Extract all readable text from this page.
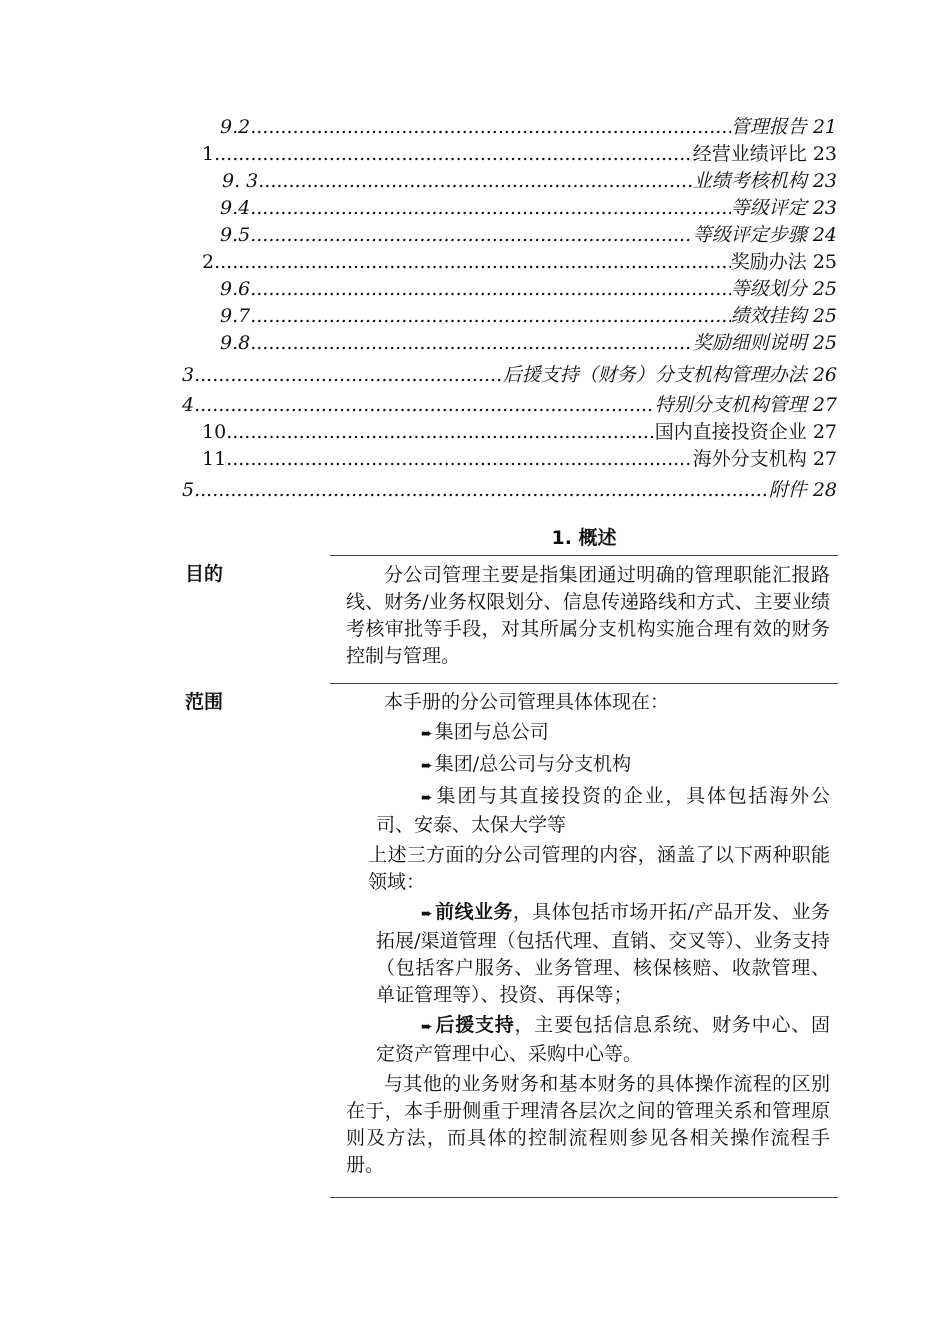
9.2 .....	管理报告 21
1 .....	经营业绩评比 23
9. 3 .....	业绩考核机构 23
9.4 .....	等级评定 23
9.5 .....	等级评定步骤 24
2 .....	奖励办法 25
9.6 .....	等级划分 25
9.7 .....	绩效挂钩 25
9.8 .....	奖励细则说明 25
3 .....	后援支持（财务）分支机构管理办法 26
4 .....	特别分支机构管理 27
10 .....	国内直接投资企业 27
11 .....	海外分支机构 27
5 .....	附件 28
1. 概述
目的	分公司管理主要是指集团通过明确的管理职能汇报路线、财务/业务权限划分、信息传递路线和方式、主要业绩考核审批等手段，对其所属分支机构实施合理有效的财务控制与管理。

范围	本手册的分公司管理具体体现在：

➨ 集团与总公司

➨ 集团/总公司与分支机构

➨ 集团与其直接投资的企业，具体包括海外公司、安泰、太保大学等

上述三方面的分公司管理的内容，涵盖了以下两种职能领域：

➨ 前线业务，具体包括市场开拓/产品开发、业务拓展/渠道管理（包括代理、直销、交叉等）、业务支持（包括客户服务、业务管理、核保核赔、收款管理、单证管理等）、投资、再保等；

➨ 后援支持，主要包括信息系统、财务中心、固定资产管理中心、采购中心等。

与其他的业务财务和基本财务的具体操作流程的区别在于，本手册侧重于理清各层次之间的管理关系和管理原则及方法，而具体的控制流程则参见各相关操作流程手册。
